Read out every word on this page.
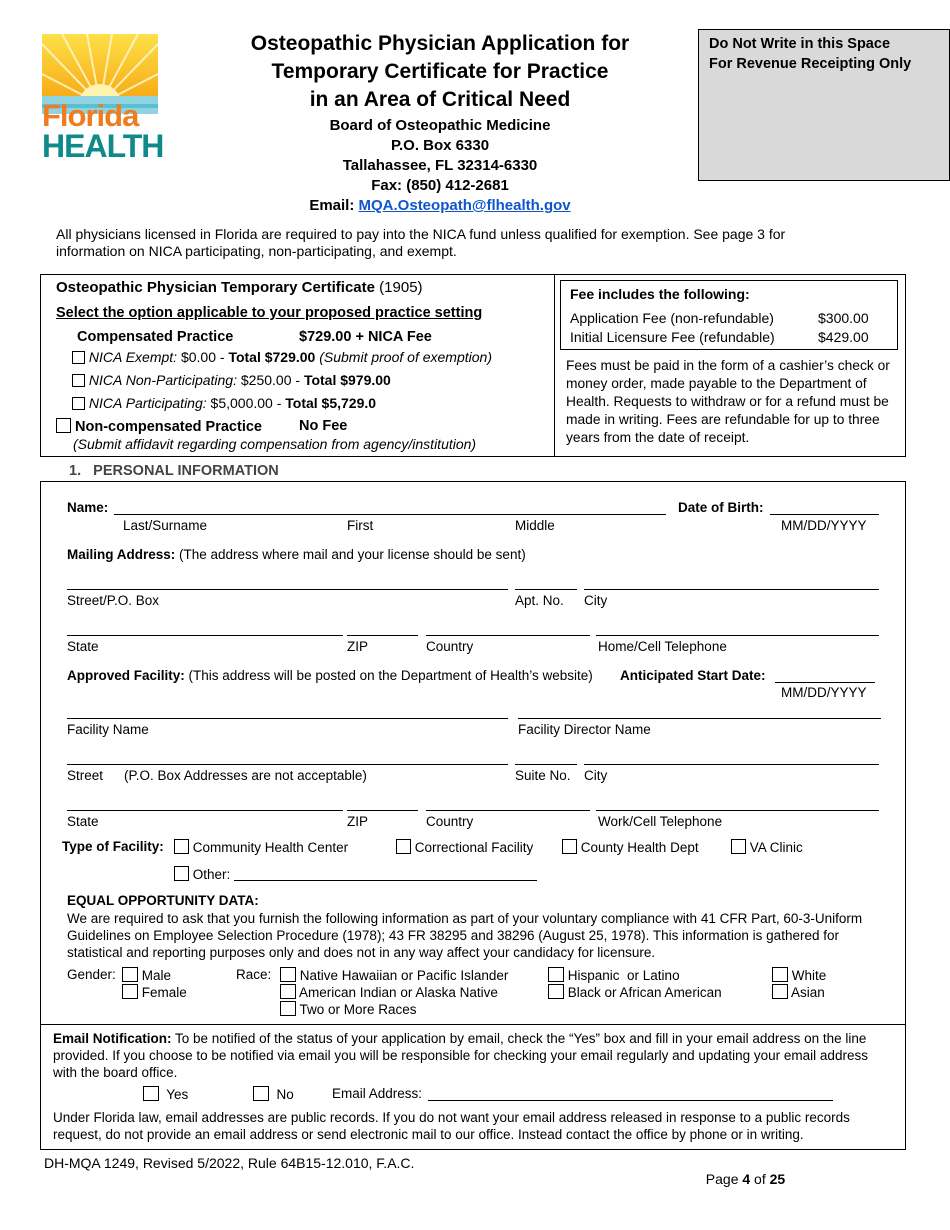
Florida
HEALTH
Osteopathic Physician Application for
Temporary Certificate for Practice
in an Area of Critical Need
Board of Osteopathic Medicine
P.O. Box 6330
Tallahassee, FL 32314-6330
Fax: (850) 412-2681
Email: MQA.Osteopath@flhealth.gov
Do Not Write in this Space
For Revenue Receipting Only
All physicians licensed in Florida are required to pay into the NICA fund unless qualified for exemption. See page 3 for information on NICA participating, non-participating, and exempt.
Osteopathic Physician Temporary Certificate (1905)
Select the option applicable to your proposed practice setting
Compensated Practice	$729.00 + NICA Fee
NICA Exempt: $0.00 - Total $729.00 (Submit proof of exemption)
NICA Non-Participating: $250.00 - Total $979.00
NICA Participating: $5,000.00 - Total $5,729.0
Non-compensated Practice	No Fee
(Submit affidavit regarding compensation from agency/institution)
Fee includes the following:
Application Fee (non-refundable)	$300.00
Initial Licensure Fee (refundable)	$429.00
Fees must be paid in the form of a cashier’s check or money order, made payable to the Department of Health. Requests to withdraw or for a refund must be made in writing. Fees are refundable for up to three years from the date of receipt.
1.   PERSONAL INFORMATION
Name:	Date of Birth:
Last/Surname	First	Middle	MM/DD/YYYY
Mailing Address: (The address where mail and your license should be sent)
Street/P.O. Box	Apt. No. City
State	ZIP	Country	Home/Cell Telephone
Approved Facility: (This address will be posted on the Department of Health’s website) Anticipated Start Date:
MM/DD/YYYY
Facility Name	Facility Director Name
Street (P.O. Box Addresses are not acceptable)	Suite No. City
State	ZIP	Country	Work/Cell Telephone
Type of Facility:	Community Health Center	Correctional Facility	County Health Dept	VA Clinic
Other:
EQUAL OPPORTUNITY DATA:
We are required to ask that you furnish the following information as part of your voluntary compliance with 41 CFR Part, 60-3-Uniform Guidelines on Employee Selection Procedure (1978); 43 FR 38295 and 38296 (August 25, 1978). This information is gathered for statistical and reporting purposes only and does not in any way affect your candidacy for licensure.
Gender:	Male
Female
Race:	Native Hawaiian or Pacific Islander
American Indian or Alaska Native
Two or More Races
Hispanic  or Latino
Black or African American
White
Asian
Email Notification: To be notified of the status of your application by email, check the “Yes” box and fill in your email address on the line provided. If you choose to be notified via email you will be responsible for checking your email regularly and updating your email address with the board office.
Yes	No	Email Address:
Under Florida law, email addresses are public records. If you do not want your email address released in response to a public records request, do not provide an email address or send electronic mail to our office. Instead contact the office by phone or in writing.
DH-MQA 1249, Revised 5/2022, Rule 64B15-12.010, F.A.C.

Page 4 of 25
